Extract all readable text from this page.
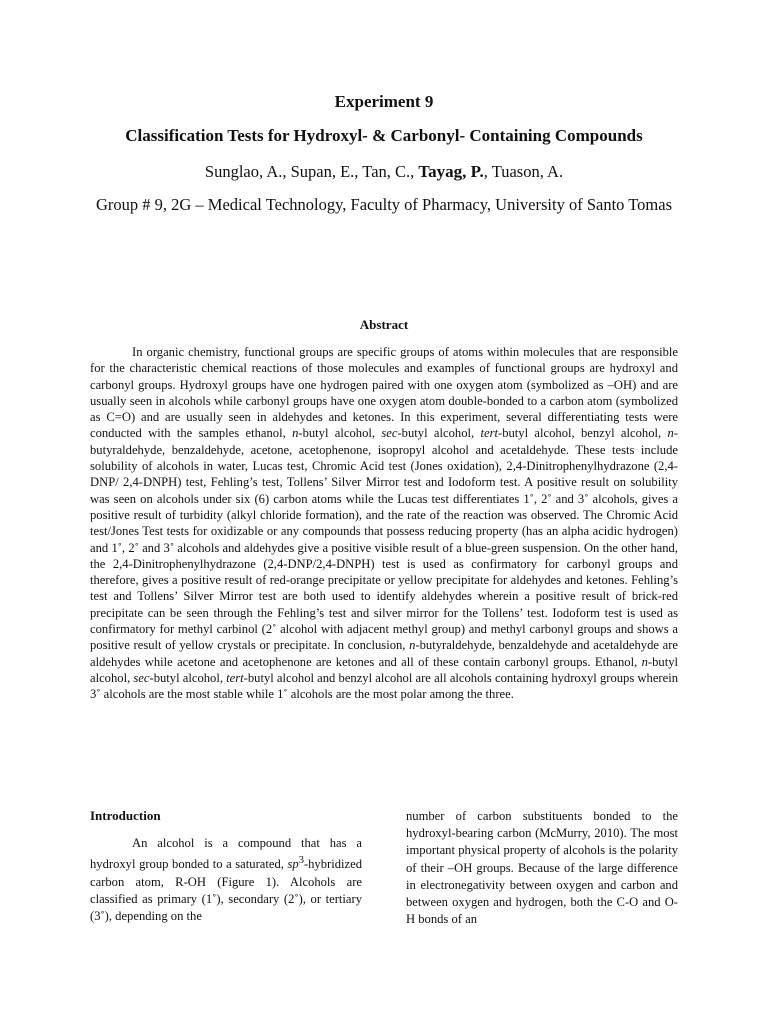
Experiment 9
Classification Tests for Hydroxyl- & Carbonyl- Containing Compounds
Sunglao, A., Supan, E., Tan, C., Tayag, P., Tuason, A.
Group # 9, 2G – Medical Technology, Faculty of Pharmacy, University of Santo Tomas
Abstract

In organic chemistry, functional groups are specific groups of atoms within molecules that are responsible for the characteristic chemical reactions of those molecules and examples of functional groups are hydroxyl and carbonyl groups. Hydroxyl groups have one hydrogen paired with one oxygen atom (symbolized as –OH) and are usually seen in alcohols while carbonyl groups have one oxygen atom double-bonded to a carbon atom (symbolized as C=O) and are usually seen in aldehydes and ketones. In this experiment, several differentiating tests were conducted with the samples ethanol, n-butyl alcohol, sec-butyl alcohol, tert-butyl alcohol, benzyl alcohol, n-butyraldehyde, benzaldehyde, acetone, acetophenone, isopropyl alcohol and acetaldehyde. These tests include solubility of alcohols in water, Lucas test, Chromic Acid test (Jones oxidation), 2,4-Dinitrophenylhydrazone (2,4-DNP/ 2,4-DNPH) test, Fehling’s test, Tollens’ Silver Mirror test and Iodoform test. A positive result on solubility was seen on alcohols under six (6) carbon atoms while the Lucas test differentiates 1˚, 2˚ and 3˚ alcohols, gives a positive result of turbidity (alkyl chloride formation), and the rate of the reaction was observed. The Chromic Acid test/Jones Test tests for oxidizable or any compounds that possess reducing property (has an alpha acidic hydrogen) and 1˚, 2˚ and 3˚ alcohols and aldehydes give a positive visible result of a blue-green suspension. On the other hand, the 2,4-Dinitrophenylhydrazone (2,4-DNP/2,4-DNPH) test is used as confirmatory for carbonyl groups and therefore, gives a positive result of red-orange precipitate or yellow precipitate for aldehydes and ketones. Fehling’s test and Tollens’ Silver Mirror test are both used to identify aldehydes wherein a positive result of brick-red precipitate can be seen through the Fehling’s test and silver mirror for the Tollens’ test. Iodoform test is used as confirmatory for methyl carbinol (2˚ alcohol with adjacent methyl group) and methyl carbonyl groups and shows a positive result of yellow crystals or precipitate. In conclusion, n-butyraldehyde, benzaldehyde and acetaldehyde are aldehydes while acetone and acetophenone are ketones and all of these contain carbonyl groups. Ethanol, n-butyl alcohol, sec-butyl alcohol, tert-butyl alcohol and benzyl alcohol are all alcohols containing hydroxyl groups wherein 3˚ alcohols are the most stable while 1˚ alcohols are the most polar among the three.

Introduction

An alcohol is a compound that has a hydroxyl group bonded to a saturated, $sp^3$-hybridized carbon atom, R-OH (Figure 1). Alcohols are classified as primary (1˚), secondary (2˚), or tertiary (3˚), depending on the

number of carbon substituents bonded to the hydroxyl-bearing carbon (McMurry, 2010). The most important physical property of alcohols is the polarity of their –OH groups. Because of the large difference in electronegativity between oxygen and carbon and between oxygen and hydrogen, both the C-O and O-H bonds of an
